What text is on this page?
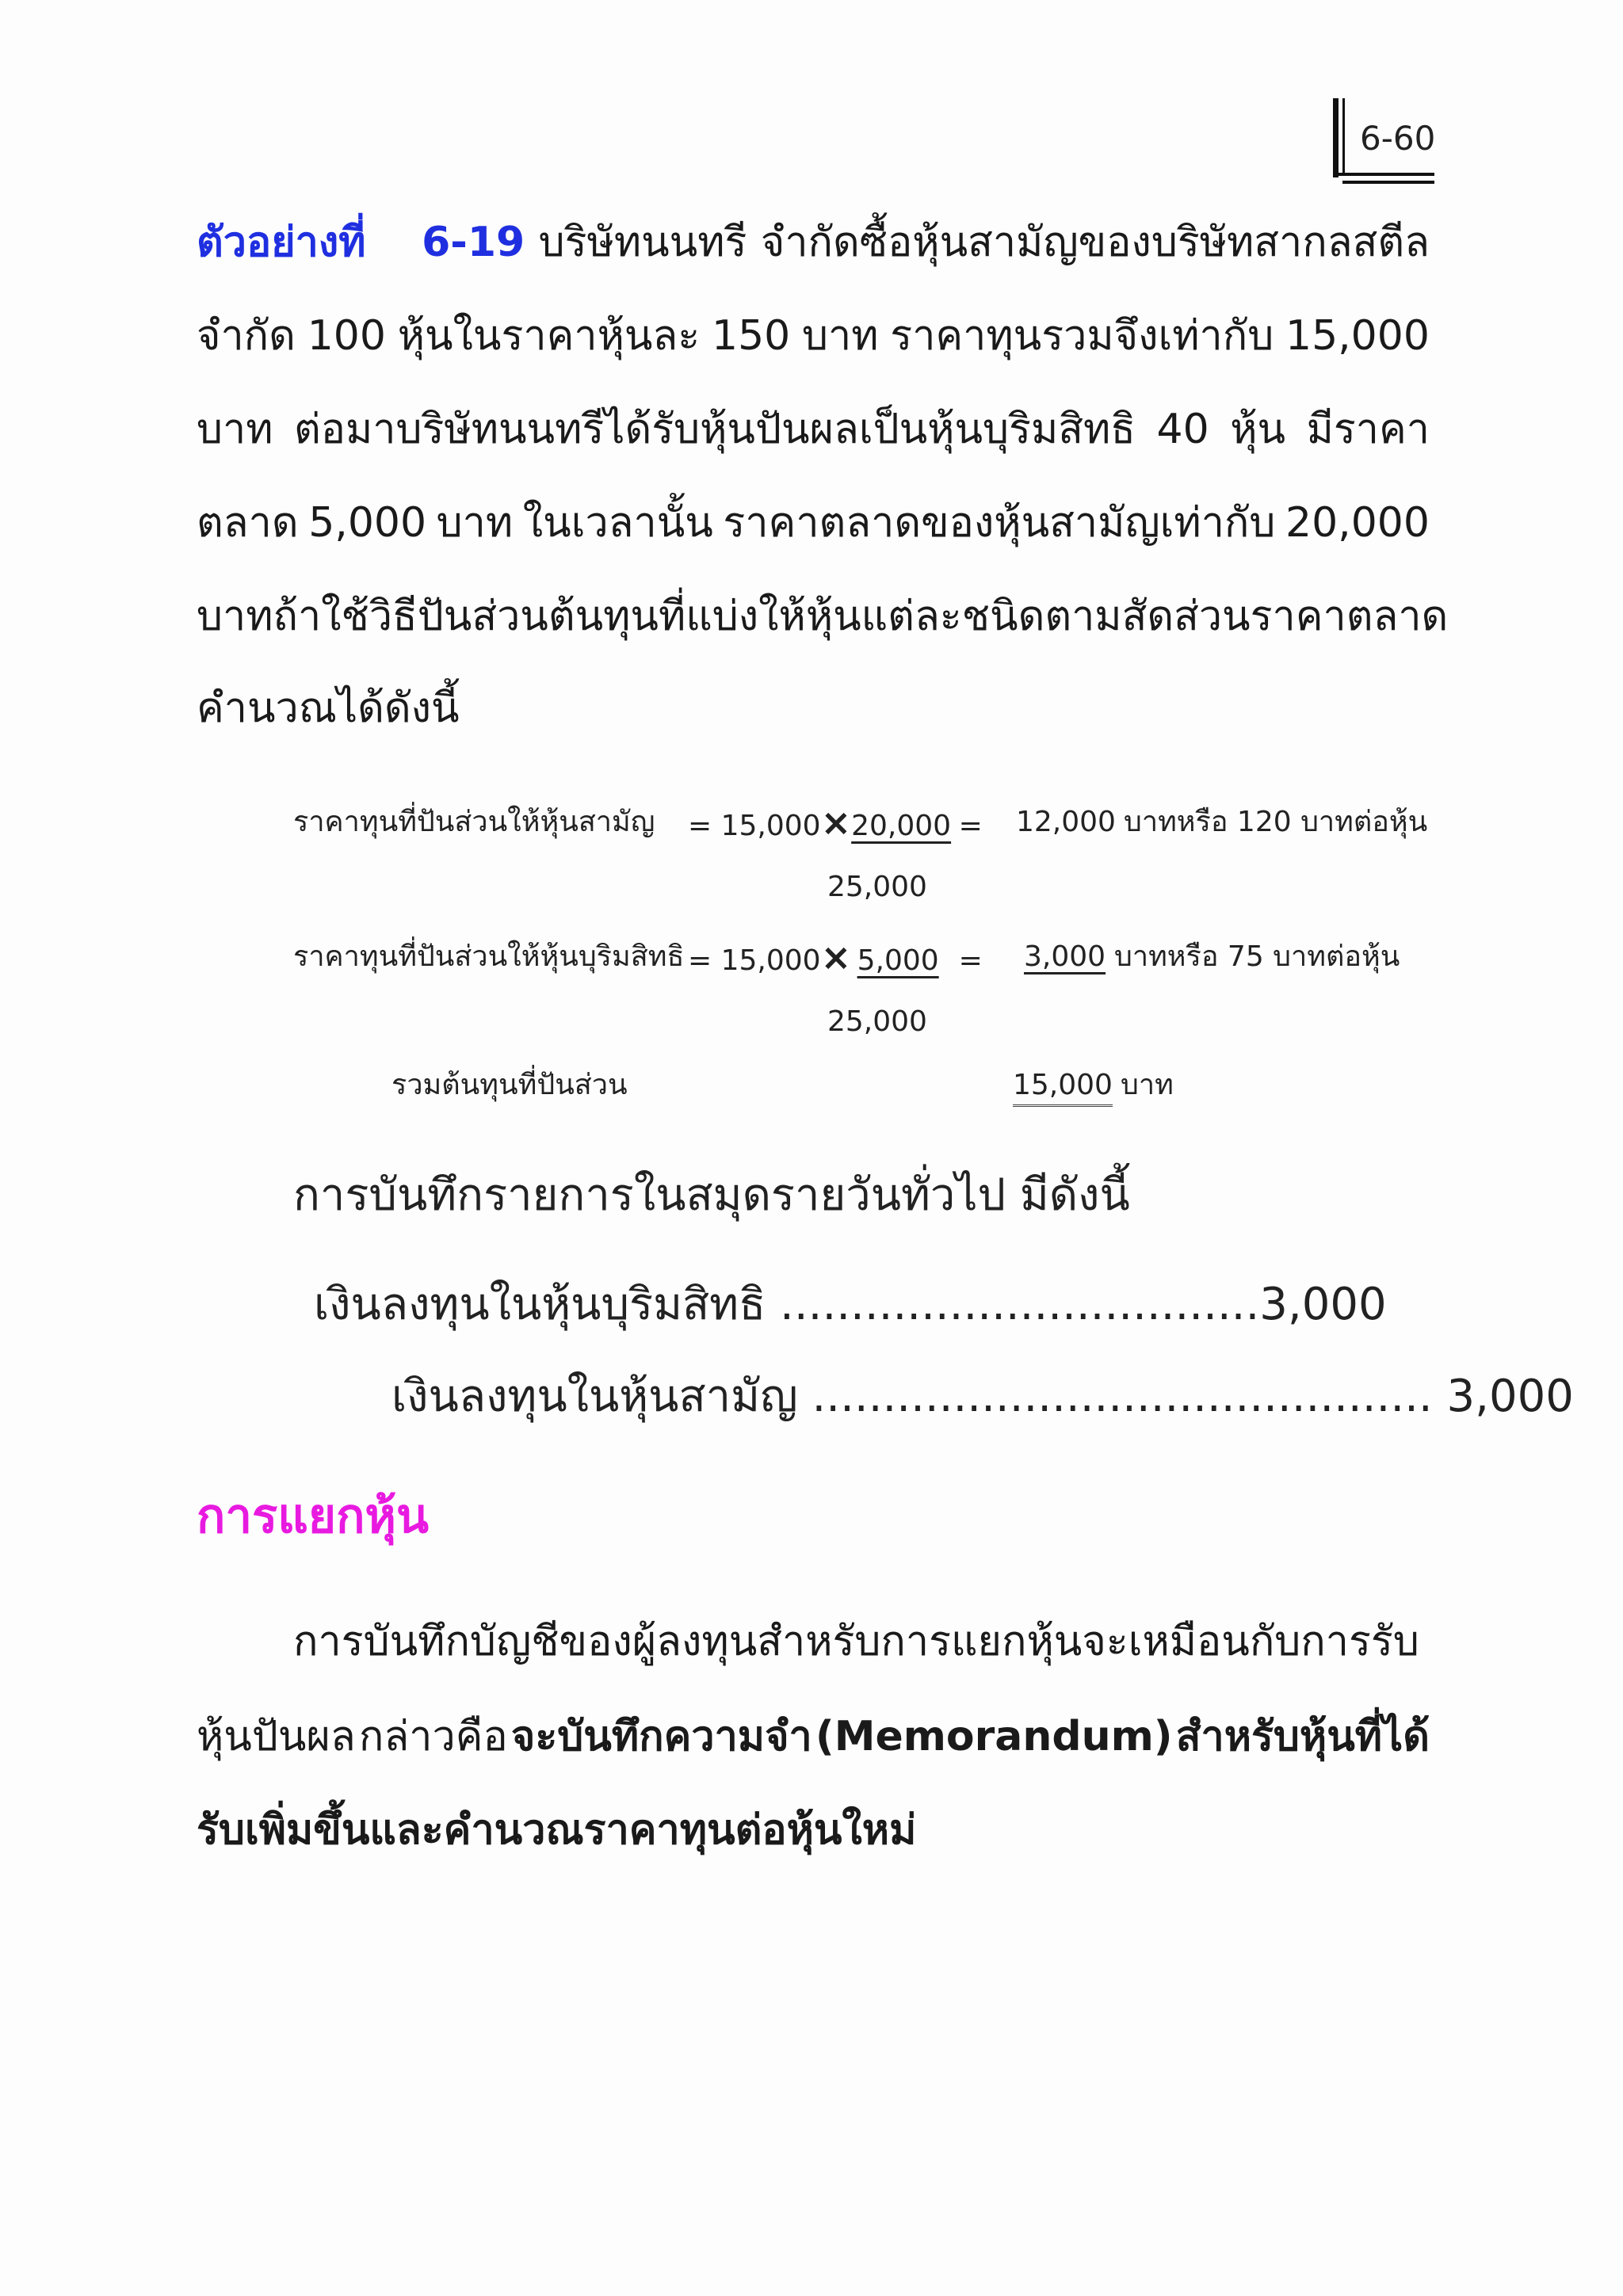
6-60
ตัวอย่างที่ 6-19 บริษัทนนทรี จำกัดซื้อหุ้นสามัญของบริษัทสากลสตีล
จำกัด 100 หุ้นในราคาหุ้นละ 150 บาท ราคาทุนรวมจึงเท่ากับ 15,000
บาท ต่อมาบริษัทนนทรีได้รับหุ้นปันผลเป็นหุ้นบุริมสิทธิ 40 หุ้น มีราคา
ตลาด 5,000 บาท ในเวลานั้น ราคาตลาดของหุ้นสามัญเท่ากับ 20,000
บาท ถ้าใช้วิธีปันส่วนต้นทุนที่แบ่งให้หุ้นแต่ละชนิดตามสัดส่วนราคาตลาด
คำนวณได้ดังนี้
ราคาทุนที่ปันส่วนให้หุ้นสามัญ = 15,000×20,000 = 12,000 บาทหรือ 120 บาทต่อหุ้น
25,000
ราคาทุนที่ปันส่วนให้หุ้นบุริมสิทธิ = 15,000× 5,000 = 3,000 บาทหรือ 75 บาทต่อหุ้น
25,000
รวมต้นทุนที่ปันส่วน	15,000 บาท
การบันทึกรายการในสมุดรายวันทั่วไป มีดังนี้
เงินลงทุนในหุ้นบุริมสิทธิ ..................................3,000
เงินลงทุนในหุ้นสามัญ ............................................ 3,000
การแยกหุ้น
การบันทึกบัญชีของผู้ลงทุนสำหรับการแยกหุ้นจะเหมือนกับการรับ
หุ้นปันผล กล่าวคือ จะบันทึกความจำ (Memorandum) สำหรับหุ้นที่ได้
รับเพิ่มขึ้นและคำนวณราคาทุนต่อหุ้นใหม่
